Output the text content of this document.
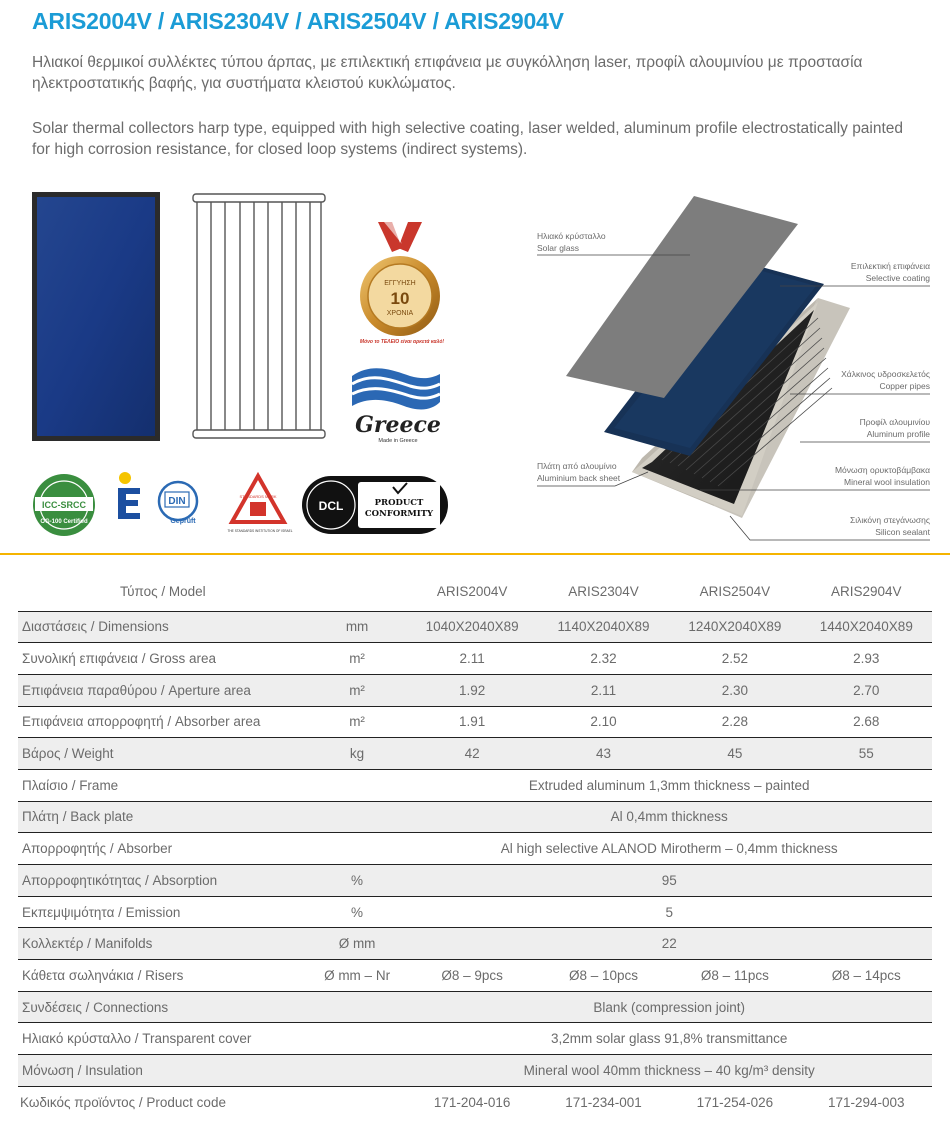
ARIS2004V / ARIS2304V / ARIS2504V / ARIS2904V
Ηλιακοί θερμικοί συλλέκτες τύπου άρπας, με επιλεκτική επιφάνεια με συγκόλληση laser, προφίλ αλουμινίου με προστασία ηλεκτροστατικής βαφής, για συστήματα κλειστού κυκλώματος.
Solar thermal collectors harp type, equipped with high selective coating, laser welded, aluminum profile electrostatically painted for high corrosion resistance, for closed loop systems (indirect systems).
ΕΓΓΥΗΣΗ
10
ΧΡΟΝΙΑ
Μόνο το ΤΕΛΕΙΟ είναι αρκετά καλό!
Greece
Made in Greece
ICC-SRCC
OG-100 Certified
DIN
Geprüft
STANDARDS MARK
THE STANDARDS INSTITUTION OF ISRAEL
DCL	PRODUCT
CONFORMITY
Ηλιακό κρύσταλλο
Solar glass
Επιλεκτική επιφάνεια
Selective coating
Χάλκινος υδροσκελετός
Copper pipes
Προφίλ αλουμινίου
Aluminum profile
Πλάτη από αλουμίνιο
Aluminium back sheet
Μόνωση ορυκτοβάμβακα
Mineral wool insulation
Σιλικόνη στεγάνωσης
Silicon sealant
Τύπος / Model		ARIS2004V	ARIS2304V	ARIS2504V	ARIS2904V
Διαστάσεις / Dimensions	mm	1040X2040X89	1140X2040X89	1240X2040X89	1440X2040X89
Συνολική επιφάνεια / Gross area	m²	2.11	2.32	2.52	2.93
Επιφάνεια παραθύρου / Aperture area	m²	1.92	2.11	2.30	2.70
Επιφάνεια απορροφητή / Absorber area	m²	1.91	2.10	2.28	2.68
Βάρος / Weight	kg	42	43	45	55
Πλαίσιο / Frame		Extruded aluminum 1,3mm thickness – painted			
Πλάτη / Back plate		Al 0,4mm thickness			
Απορροφητής / Absorber		Al high selective ALANOD Mirotherm – 0,4mm thickness			
Απορροφητικότητας / Absorption	%	95			
Εκπεμψιμότητα / Emission	%	5			
Κολλεκτέρ / Manifolds	Ø mm	22			
Κάθετα σωληνάκια / Risers	Ø mm – Nr	Ø8 – 9pcs	Ø8 – 10pcs	Ø8 – 11pcs	Ø8 – 14pcs
Συνδέσεις / Connections		Blank (compression joint)			
Ηλιακό κρύσταλλο / Transparent cover		3,2mm solar glass 91,8% transmittance			
Μόνωση / Insulation		Mineral wool 40mm thickness – 40 kg/m³ density			
Κωδικός προϊόντος / Product code		171-204-016	171-234-001	171-254-026	171-294-003
